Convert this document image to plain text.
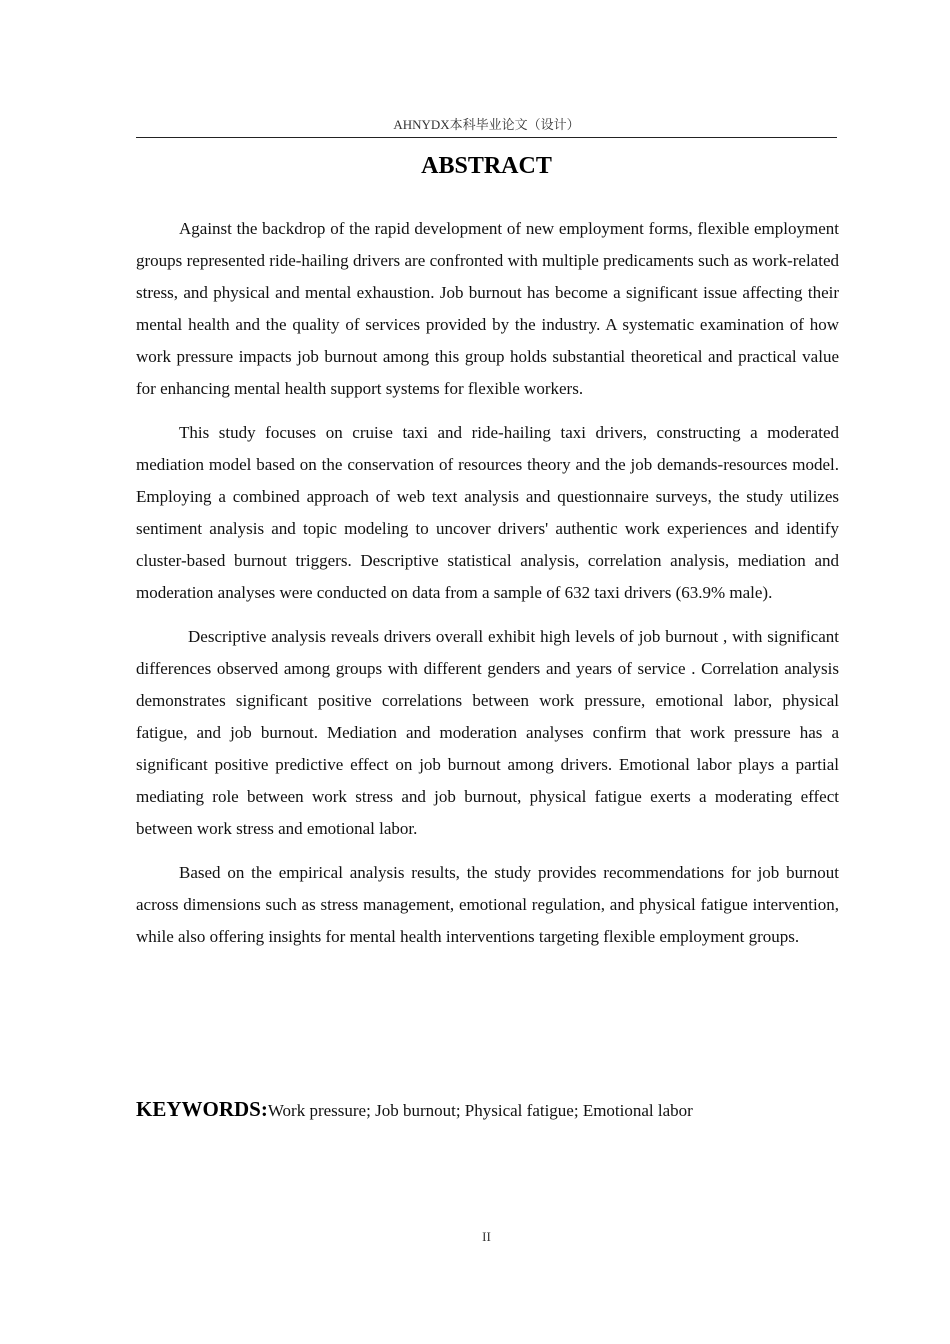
AHNYDX本科毕业论文（设计）
ABSTRACT

Against the backdrop of the rapid development of new employment forms, flexible employment groups represented ride-hailing drivers are confronted with multiple predicaments such as work-related stress, and physical and mental exhaustion. Job burnout has become a significant issue affecting their mental health and the quality of services provided by the industry. A systematic examination of how work pressure impacts job burnout among this group holds substantial theoretical and practical value for enhancing mental health support systems for flexible workers.

This study focuses on cruise taxi and ride-hailing taxi drivers, constructing a moderated mediation model based on the conservation of resources theory and the job demands-resources model. Employing a combined approach of web text analysis and questionnaire surveys, the study utilizes sentiment analysis and topic modeling to uncover drivers' authentic work experiences and identify cluster-based burnout triggers. Descriptive statistical analysis, correlation analysis, mediation and moderation analyses were conducted on data from a sample of 632 taxi drivers (63.9% male).

Descriptive analysis reveals drivers overall exhibit high levels of job burnout , with significant differences observed among groups with different genders and years of service . Correlation analysis demonstrates significant positive correlations between work pressure, emotional labor, physical fatigue, and job burnout. Mediation and moderation analyses confirm that work pressure has a significant positive predictive effect on job burnout among drivers. Emotional labor plays a partial mediating role between work stress and job burnout, physical fatigue exerts a moderating effect between work stress and emotional labor.

Based on the empirical analysis results, the study provides recommendations for job burnout across dimensions such as stress management, emotional regulation, and physical fatigue intervention, while also offering insights for mental health interventions targeting flexible employment groups.

KEYWORDS:Work pressure; Job burnout; Physical fatigue; Emotional labor
II
